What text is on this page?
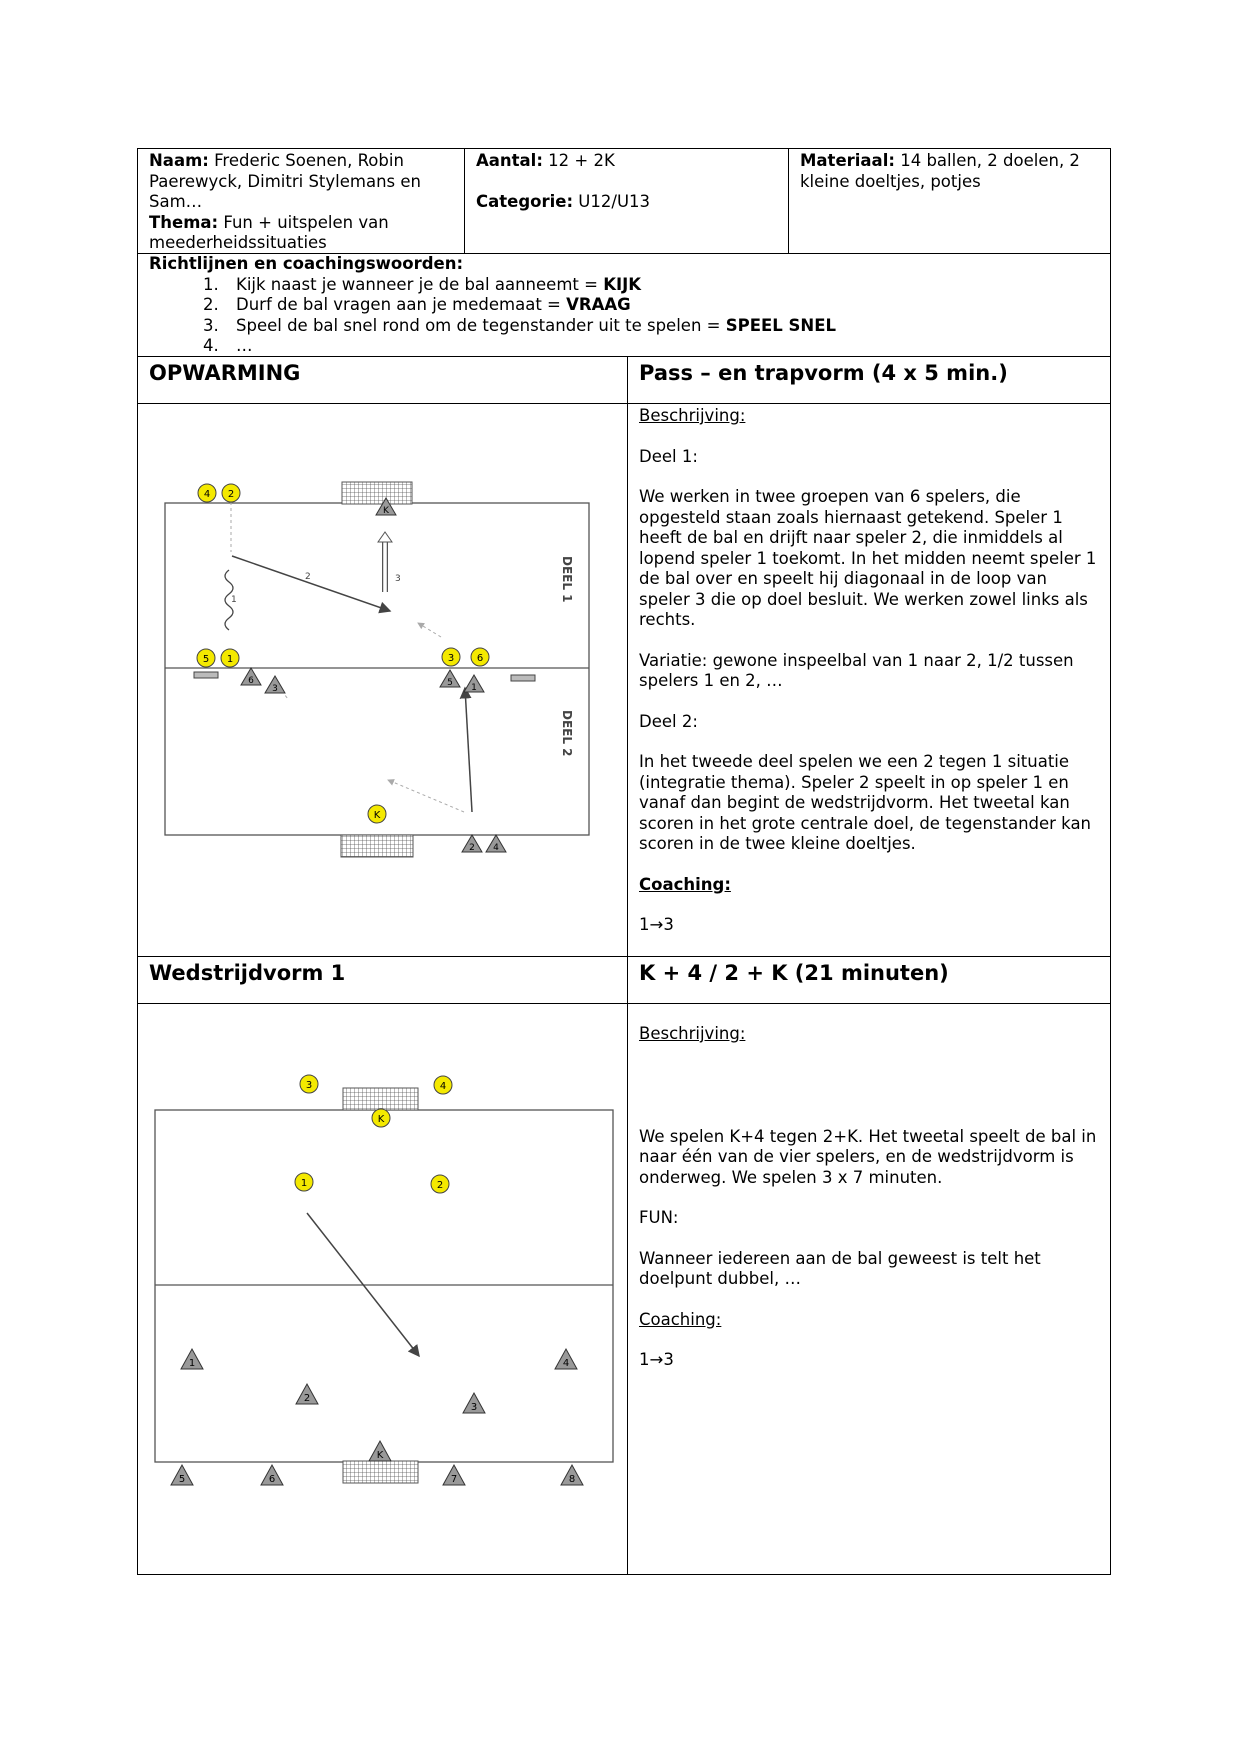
Naam: Frederic Soenen, Robin Paerewyck, Dimitri Stylemans en Sam…
Thema: Fun + uitspelen van meederheidssituaties
Aantal: 12 + 2K
Categorie: U12/U13
Materiaal: 14 ballen, 2 doelen, 2 kleine doeltjes, potjes
Richtlijnen en coachingswoorden:
1. Kijk naast je wanneer je de bal aanneemt = KIJK
2. Durf de bal vragen aan je medemaat = VRAAG
3. Speel de bal snel rond om de tegenstander uit te spelen = SPEEL SNEL
4. …
OPWARMING	Pass – en trapvorm (4 x 5 min.)
DEEL 1
DEEL 2
1
2	3
4 2
5 1	3 6
K
K
6
3
5 1
2 4

Beschrijving:

Deel 1:

We werken in twee groepen van 6 spelers, die opgesteld staan zoals hiernaast getekend. Speler 1 heeft de bal en drijft naar speler 2, die inmiddels al lopend speler 1 toekomt. In het midden neemt speler 1 de bal over en speelt hij diagonaal in de loop van speler 3 die op doel besluit. We werken zowel links als rechts.

Variatie: gewone inspeelbal van 1 naar 2, 1/2 tussen spelers 1 en 2, …

Deel 2:

In het tweede deel spelen we een 2 tegen 1 situatie (integratie thema). Speler 2 speelt in op speler 1 en vanaf dan begint de wedstrijdvorm. Het tweetal kan scoren in het grote centrale doel, de tegenstander kan scoren in de twee kleine doeltjes.

Coaching:

1→3

Wedstrijdvorm 1	K + 4 / 2 + K (21 minuten)
3	4
K
1	2
1	4
2
3
K
5	6	7	8

Beschrijving:

We spelen K+4 tegen 2+K. Het tweetal speelt de bal in naar één van de vier spelers, en de wedstrijdvorm is onderweg. We spelen 3 x 7 minuten.

FUN:

Wanneer iedereen aan de bal geweest is telt het doelpunt dubbel, …

Coaching:

1→3
